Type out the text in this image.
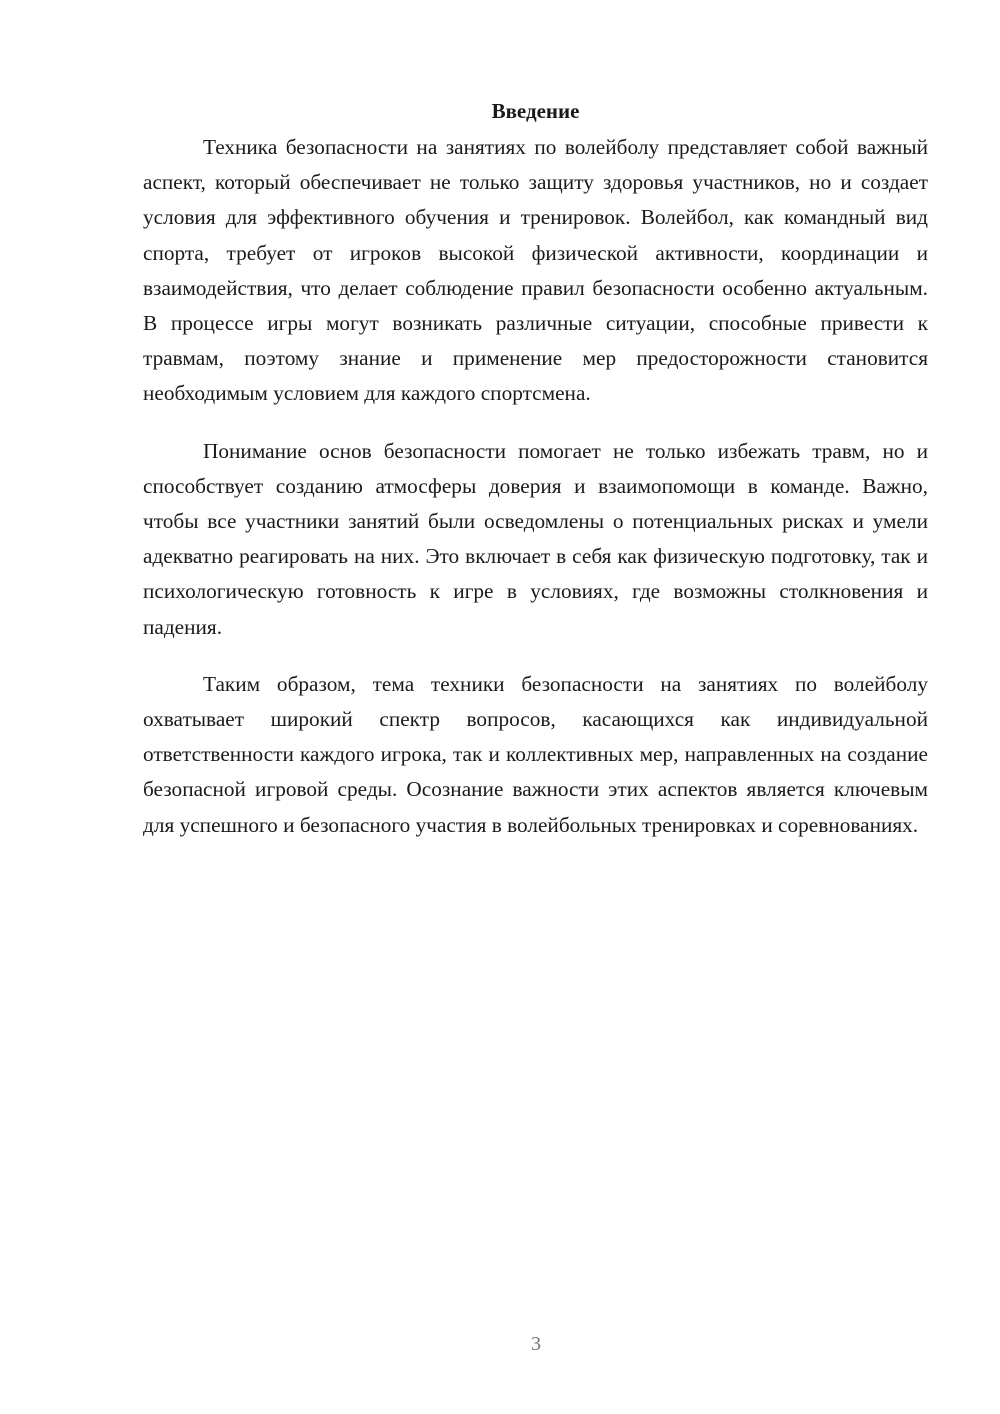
Введение

Техника безопасности на занятиях по волейболу представляет собой важный аспект, который обеспечивает не только защиту здоровья участников, но и создает условия для эффективного обучения и тренировок. Волейбол, как командный вид спорта, требует от игроков высокой физической активности, координации и взаимодействия, что делает соблюдение правил безопасности особенно актуальным. В процессе игры могут возникать различные ситуации, способные привести к травмам, поэтому знание и применение мер предосторожности становится необходимым условием для каждого спортсмена.

Понимание основ безопасности помогает не только избежать травм, но и способствует созданию атмосферы доверия и взаимопомощи в команде. Важно, чтобы все участники занятий были осведомлены о потенциальных рисках и умели адекватно реагировать на них. Это включает в себя как физическую подготовку, так и психологическую готовность к игре в условиях, где возможны столкновения и падения.

Таким образом, тема техники безопасности на занятиях по волейболу охватывает широкий спектр вопросов, касающихся как индивидуальной ответственности каждого игрока, так и коллективных мер, направленных на создание безопасной игровой среды. Осознание важности этих аспектов является ключевым для успешного и безопасного участия в волейбольных тренировках и соревнованиях.

3
